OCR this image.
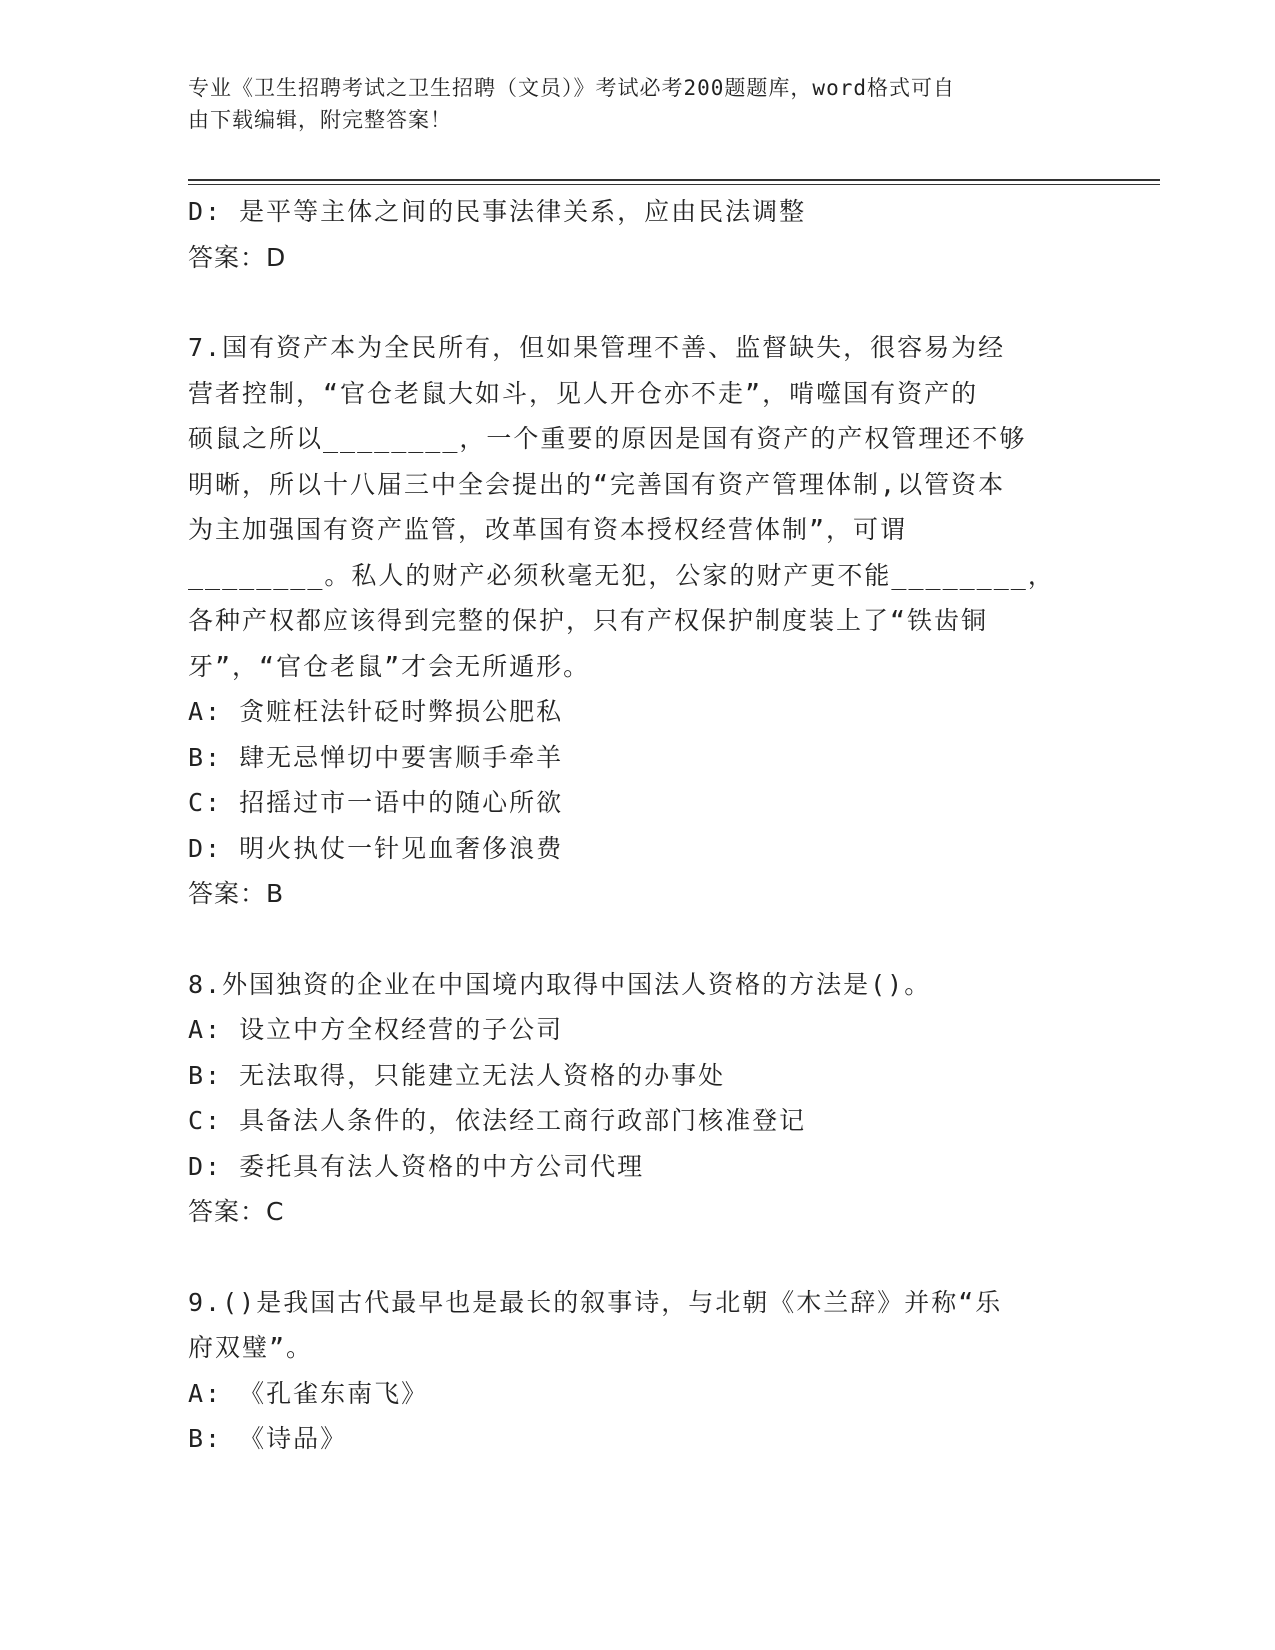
专业《卫生招聘考试之卫生招聘（文员）》考试必考200题题库，word格式可自
由下载编辑，附完整答案！
D: 是平等主体之间的民事法律关系，应由民法调整
答案：D
7.国有资产本为全民所有，但如果管理不善、监督缺失，很容易为经
营者控制，“官仓老鼠大如斗，见人开仓亦不走”，啃噬国有资产的
硕鼠之所以________，一个重要的原因是国有资产的产权管理还不够
明晰，所以十八届三中全会提出的“完善国有资产管理体制,以管资本
为主加强国有资产监管，改革国有资本授权经营体制”，可谓
________。私人的财产必须秋毫无犯，公家的财产更不能________，
各种产权都应该得到完整的保护，只有产权保护制度装上了“铁齿铜
牙”，“官仓老鼠”才会无所遁形。
A: 贪赃枉法针砭时弊损公肥私
B: 肆无忌惮切中要害顺手牵羊
C: 招摇过市一语中的随心所欲
D: 明火执仗一针见血奢侈浪费
答案：B
8.外国独资的企业在中国境内取得中国法人资格的方法是()。
A: 设立中方全权经营的子公司
B: 无法取得，只能建立无法人资格的办事处
C: 具备法人条件的，依法经工商行政部门核准登记
D: 委托具有法人资格的中方公司代理
答案：C
9.()是我国古代最早也是最长的叙事诗，与北朝《木兰辞》并称“乐
府双璧”。
A: 《孔雀东南飞》
B: 《诗品》
